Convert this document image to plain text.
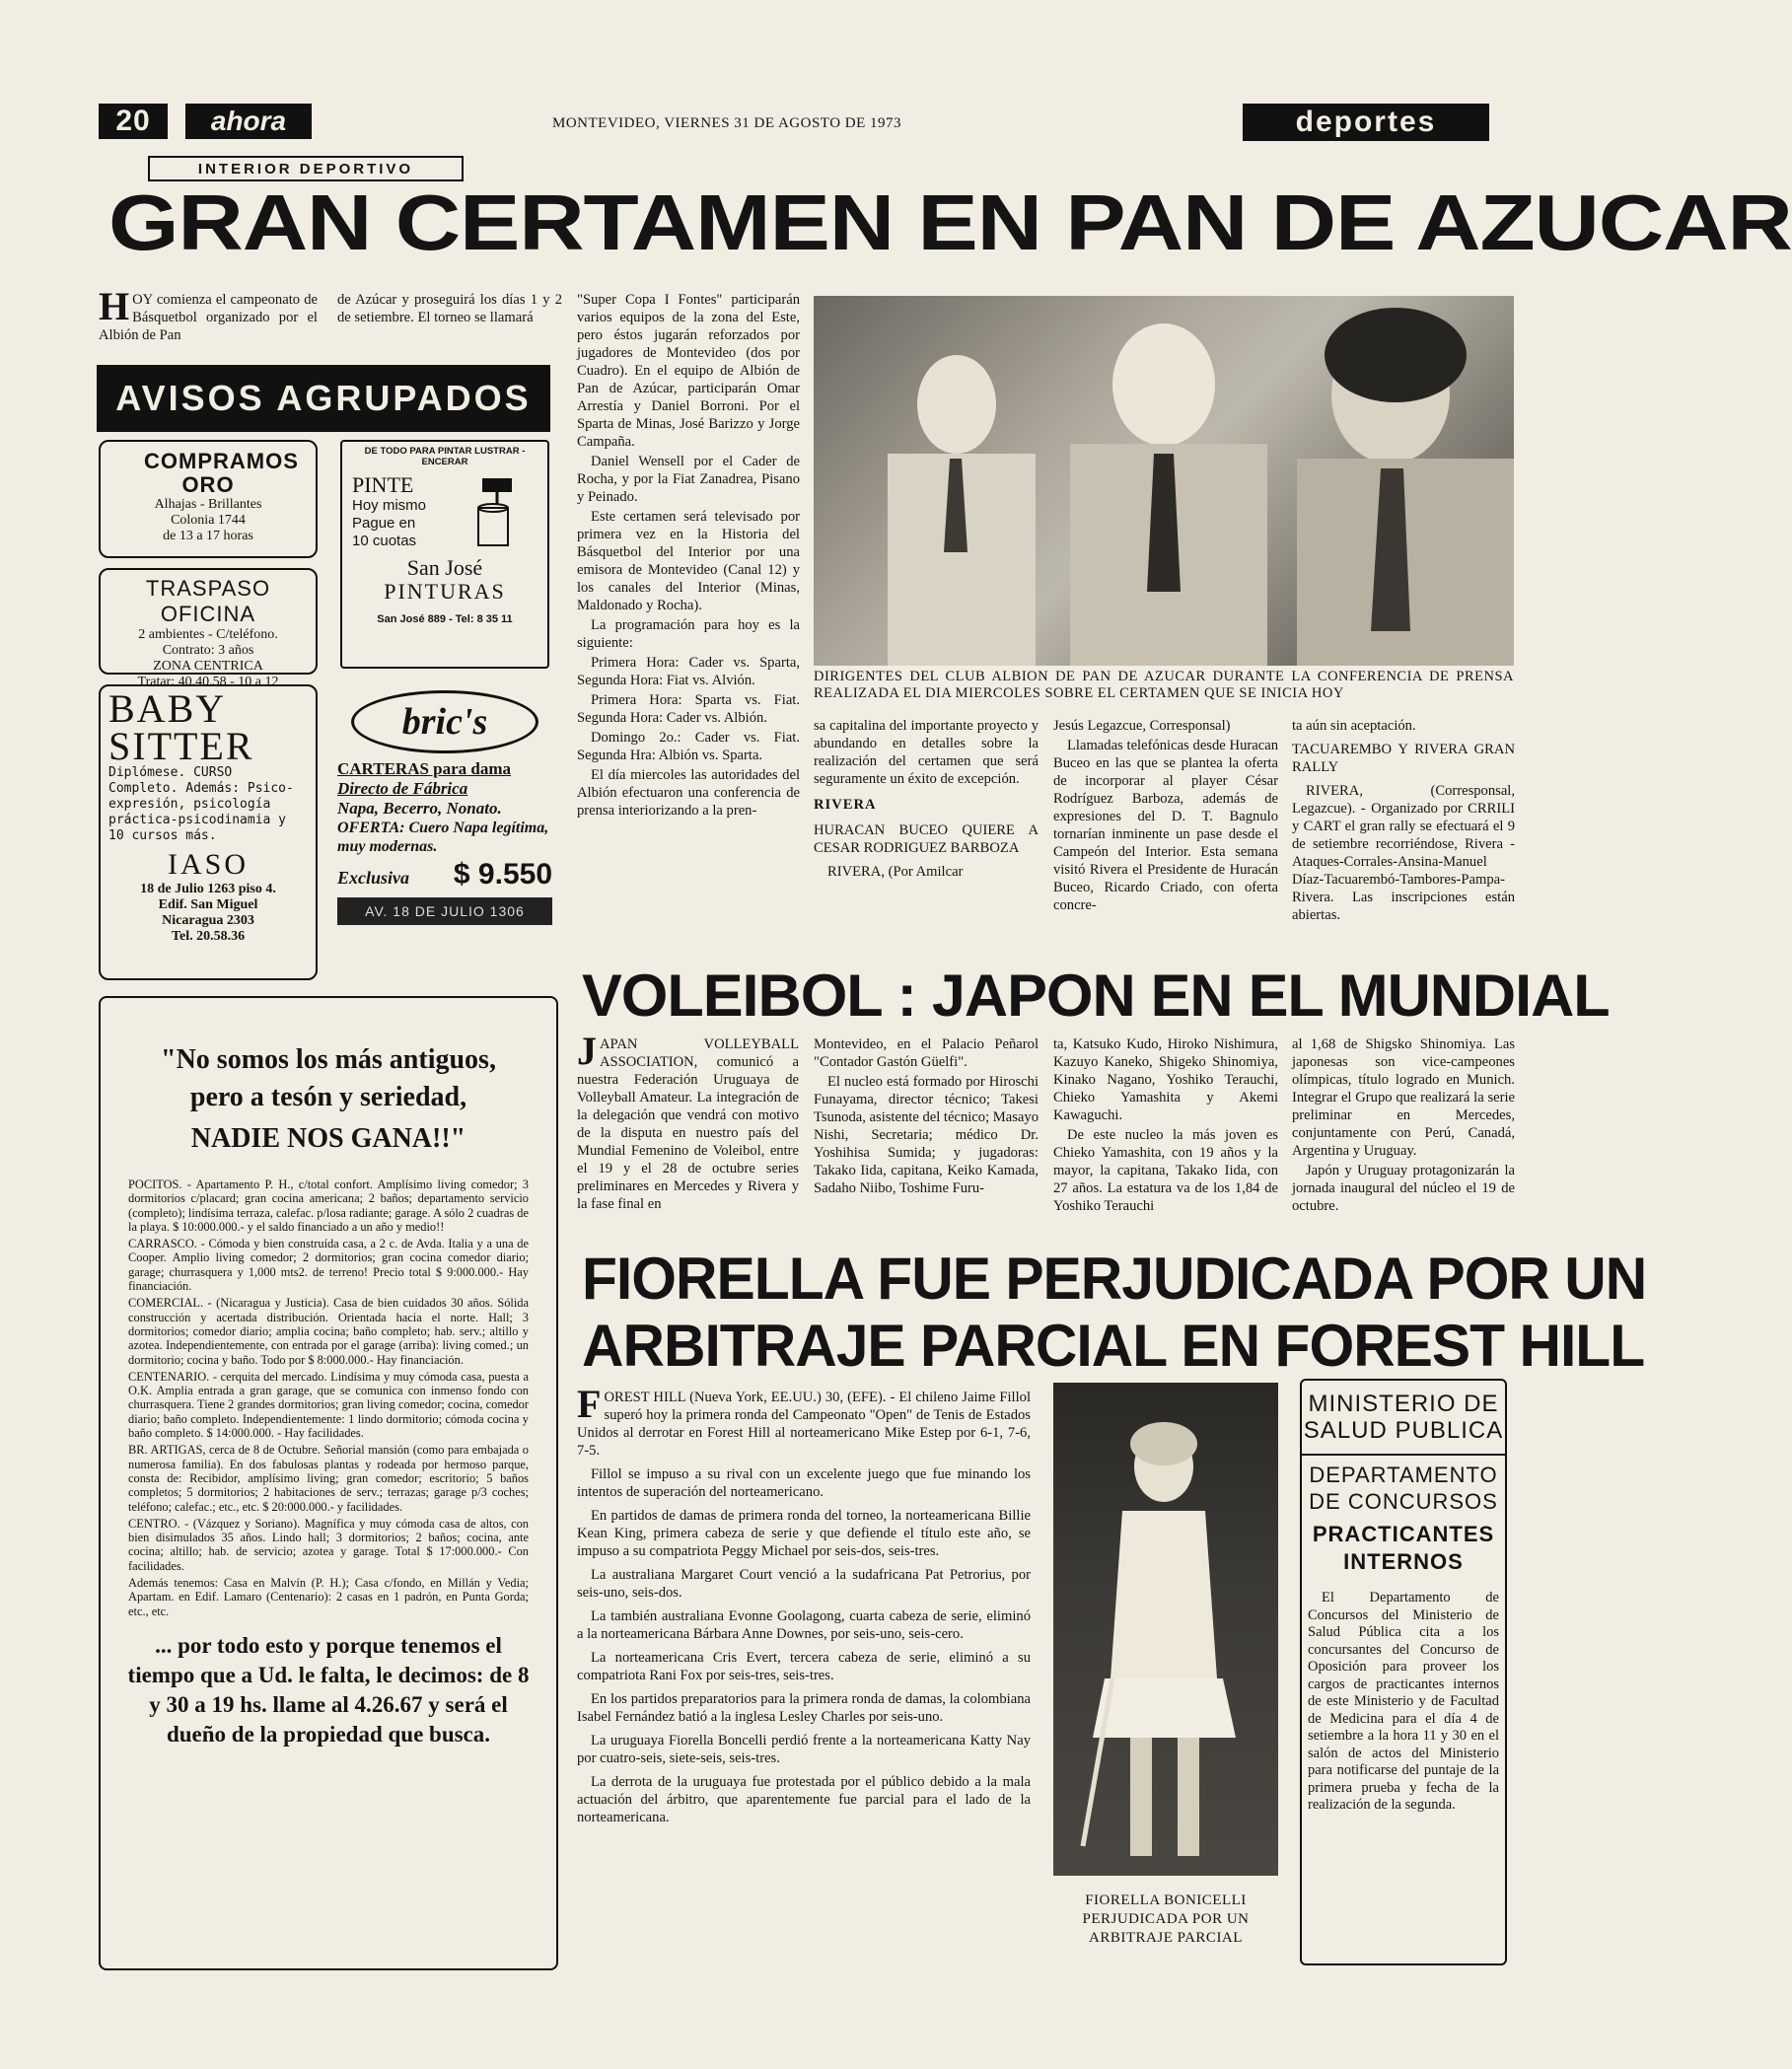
20	ahora	MONTEVIDEO, VIERNES 31 DE AGOSTO DE 1973	deportes
INTERIOR DEPORTIVO
GRAN CERTAMEN EN PAN DE AZUCAR
H OY comienza el campeonato de Básquetbol organizado por el Albión de Pan
de Azúcar y proseguirá los días 1 y 2 de setiembre. El torneo se llamará

"Super Copa I Fontes" participarán varios equipos de la zona del Este, pero éstos jugarán reforzados por jugadores de Montevideo (dos por Cuadro). En el equipo de Albión de Pan de Azúcar, participarán Omar Arrestía y Daniel Borroni. Por el Sparta de Minas, José Barizzo y Jorge Campaña.

Daniel Wensell por el Cader de Rocha, y por la Fiat Zanadrea, Pisano y Peinado.

Este certamen será televisado por primera vez en la Historia del Básquetbol del Interior por una emisora de Montevideo (Canal 12) y los canales del Interior (Minas, Maldonado y Rocha).

La programación para hoy es la siguiente:

Primera Hora: Cader vs. Sparta, Segunda Hora: Fiat vs. Alvión.

Primera Hora: Sparta vs. Fiat. Segunda Hora: Cader vs. Albión.

Domingo 2o.: Cader vs. Fiat. Segunda Hra: Albión vs. Sparta.

El día miercoles las autoridades del Albión efectuaron una conferencia de prensa interiorizando a la pren-

DIRIGENTES DEL CLUB ALBION DE PAN DE AZUCAR DURANTE LA CONFERENCIA DE PRENSA REALIZADA EL DIA MIERCOLES SOBRE EL CERTAMEN QUE SE INICIA HOY

sa capitalina del importante proyecto y abundando en detalles sobre la realización del certamen que será seguramente un éxito de excepción.

RIVERA

HURACAN BUCEO QUIERE A CESAR RODRIGUEZ BARBOZA

RIVERA, (Por Amilcar

Jesús Legazcue, Corresponsal)

Llamadas telefónicas desde Huracan Buceo en las que se plantea la oferta de incorporar al player César Rodríguez Barboza, además de expresiones del D. T. Bagnulo tornarían inminente un pase desde el Campeón del Interior. Esta semana visitó Rivera el Presidente de Huracán Buceo, Ricardo Criado, con oferta concre-

ta aún sin aceptación.

TACUAREMBO Y RIVERA GRAN RALLY

RIVERA, (Corresponsal, Legazcue). - Organizado por CRRILI y CART el gran rally se efectuará el 9 de setiembre recorriéndose, Rivera - Ataques-Corrales-Ansina-Manuel Díaz-Tacuarembó-Tambores-Pampa- Rivera. Las inscripciones están abiertas.

AVISOS AGRUPADOS
COMPRAMOS ORO
Alhajas - Brillantes
Colonia 1744
de 13 a 17 horas
TRASPASO OFICINA
2 ambientes - C/teléfono.
Contrato: 3 años
ZONA CENTRICA
Tratar: 40.40.58 - 10 a 12
BABY
SITTER
Diplómese. CURSO Completo. Además: Psico-expresión, psicología práctica-psicodinamia y 10 cursos más.
IASO
18 de Julio 1263 piso 4.
Edif. San Miguel
Nicaragua 2303
Tel. 20.58.36
DE TODO PARA PINTAR LUSTRAR - ENCERAR
PINTE
Hoy mismo
Pague en
10 cuotas
San José
PINTURAS
San José 889 - Tel: 8 35 11
bric's
CARTERAS para dama
Directo de Fábrica
Napa, Becerro, Nonato.
OFERTA: Cuero Napa legítima, muy modernas.
Exclusiva $ 9.550
AV. 18 DE JULIO 1306
"No somos los más antiguos,
pero a tesón y seriedad,
NADIE NOS GANA!!"

POCITOS. - Apartamento P. H., c/total confort. Amplísimo living comedor; 3 dormitorios c/placard; gran cocina americana; 2 baños; departamento servicio (completo); lindísima terraza, calefac. p/losa radiante; garage. A sólo 2 cuadras de la playa. $ 10:000.000.- y el saldo financiado a un año y medio!!

CARRASCO. - Cómoda y bien construída casa, a 2 c. de Avda. Italia y a una de Cooper. Amplio living comedor; 2 dormitorios; gran cocina comedor diario; garage; churrasquera y 1,000 mts2. de terreno! Precio total $ 9:000.000.- Hay financiación.

COMERCIAL. - (Nicaragua y Justicia). Casa de bien cuidados 30 años. Sólida construcción y acertada distribución. Orientada hacia el norte. Hall; 3 dormitorios; comedor diario; amplia cocina; baño completo; hab. serv.; altillo y azotea. Independientemente, con entrada por el garage (arriba): living comed.; un dormitorio; cocina y baño. Todo por $ 8:000.000.- Hay financiación.

CENTENARIO. - cerquita del mercado. Lindísima y muy cómoda casa, puesta a O.K. Amplia entrada a gran garage, que se comunica con inmenso fondo con churrasquera. Tiene 2 grandes dormitorios; gran living comedor; cocina, comedor diario; baño completo. Independientemente: 1 lindo dormitorio; cómoda cocina y baño completo. $ 14:000.000. - Hay facilidades.

BR. ARTIGAS, cerca de 8 de Octubre. Señorial mansión (como para embajada o numerosa familia). En dos fabulosas plantas y rodeada por hermoso parque, consta de: Recibidor, amplísimo living; gran comedor; escritorio; 5 baños completos; 5 dormitorios; 2 habitaciones de serv.; terrazas; garage p/3 coches; teléfono; calefac.; etc., etc. $ 20:000.000.- y facilidades.

CENTRO. - (Vázquez y Soriano). Magnífica y muy cómoda casa de altos, con bien disimulados 35 años. Lindo hall; 3 dormitorios; 2 baños; cocina, ante cocina; altillo; hab. de servicio; azotea y garage. Total $ 17:000.000.- Con facilidades.

Además tenemos: Casa en Malvín (P. H.); Casa c/fondo, en Millán y Vedia; Apartam. en Edif. Lamaro (Centenario): 2 casas en 1 padrón, en Punta Gorda; etc., etc.

... por todo esto y porque tenemos el tiempo que a Ud. le falta, le decimos: de 8 y 30 a 19 hs. llame al 4.26.67 y será el dueño de la propiedad que busca.
VOLEIBOL : JAPON EN EL MUNDIAL
J APAN VOLLEYBALL ASSOCIATION, comunicó a nuestra Federación Uruguaya de Volleyball Amateur. La integración de la delegación que vendrá con motivo de la disputa en nuestro país del Mundial Femenino de Voleibol, entre el 19 y el 28 de octubre series preliminares en Mercedes y Rivera y la fase final en

Montevideo, en el Palacio Peñarol "Contador Gastón Güelfi".

El nucleo está formado por Hiroschi Funayama, director técnico; Takesi Tsunoda, asistente del técnico; Masayo Nishi, Secretaria; médico Dr. Yoshihisa Sumida; y jugadoras: Takako Iida, capitana, Keiko Kamada, Sadaho Niibo, Toshime Furu-

ta, Katsuko Kudo, Hiroko Nishimura, Kazuyo Kaneko, Shigeko Shinomiya, Kinako Nagano, Yoshiko Terauchi, Chieko Yamashita y Akemi Kawaguchi.

De este nucleo la más joven es Chieko Yamashita, con 19 años y la mayor, la capitana, Takako Iida, con 27 años. La estatura va de los 1,84 de Yoshiko Terauchi

al 1,68 de Shigsko Shinomiya. Las japonesas son vice-campeones olímpicas, título logrado en Munich. Integrar el Grupo que realizará la serie preliminar en Mercedes, conjuntamente con Perú, Canadá, Argentina y Uruguay.

Japón y Uruguay protagonizarán la jornada inaugural del núcleo el 19 de octubre.

FIORELLA FUE PERJUDICADA POR UN
ARBITRAJE PARCIAL EN FOREST HILL

FOREST HILL (Nueva York, EE.UU.) 30, (EFE). - El chileno Jaime Fillol superó hoy la primera ronda del Campeonato "Open" de Tenis de Estados Unidos al derrotar en Forest Hill al norteamericano Mike Estep por 6-1, 7-6, 7-5.

Fillol se impuso a su rival con un excelente juego que fue minando los intentos de superación del norteamericano.

En partidos de damas de primera ronda del torneo, la norteamericana Billie Kean King, primera cabeza de serie y que defiende el título este año, se impuso a su compatriota Peggy Michael por seis-dos, seis-tres.

La australiana Margaret Court venció a la sudafricana Pat Petrorius, por seis-uno, seis-dos.

La también australiana Evonne Goolagong, cuarta cabeza de serie, eliminó a la norteamericana Bárbara Anne Downes, por seis-uno, seis-cero.

La norteamericana Cris Evert, tercera cabeza de serie, eliminó a su compatriota Rani Fox por seis-tres, seis-tres.

En los partidos preparatorios para la primera ronda de damas, la colombiana Isabel Fernández batió a la inglesa Lesley Charles por seis-uno.

La uruguaya Fiorella Boncelli perdió frente a la norteamericana Katty Nay por cuatro-seis, siete-seis, seis-tres.

La derrota de la uruguaya fue protestada por el público debido a la mala actuación del árbitro, que aparentemente fue parcial para el lado de la norteamericana.

FIORELLA BONICELLI PERJUDICADA POR UN ARBITRAJE PARCIAL
MINISTERIO DE
SALUD PUBLICA
DEPARTAMENTO
DE CONCURSOS
PRACTICANTES
INTERNOS
El Departamento de Concursos del Ministerio de Salud Pública cita a los concursantes del Concurso de Oposición para proveer los cargos de practicantes internos de este Ministerio y de Facultad de Medicina para el día 4 de setiembre a la hora 11 y 30 en el salón de actos del Ministerio para notificarse del puntaje de la primera prueba y fecha de la realización de la segunda.
